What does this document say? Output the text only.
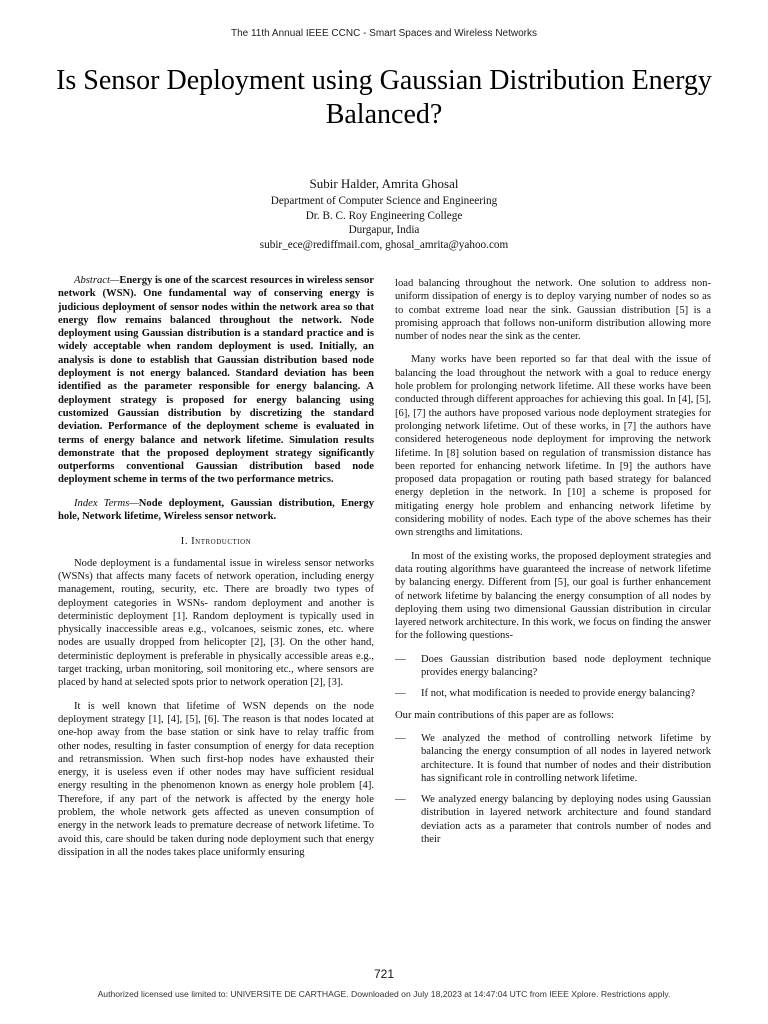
The 11th Annual IEEE CCNC - Smart Spaces and Wireless Networks
Is Sensor Deployment using Gaussian Distribution Energy Balanced?
Subir Halder, Amrita Ghosal
Department of Computer Science and Engineering
Dr. B. C. Roy Engineering College
Durgapur, India
subir_ece@rediffmail.com, ghosal_amrita@yahoo.com

Abstract—Energy is one of the scarcest resources in wireless sensor network (WSN). One fundamental way of conserving energy is judicious deployment of sensor nodes within the network area so that energy flow remains balanced throughout the network. Node deployment using Gaussian distribution is a standard practice and is widely acceptable when random deployment is used. Initially, an analysis is done to establish that Gaussian distribution based node deployment is not energy balanced. Standard deviation has been identified as the parameter responsible for energy balancing. A deployment strategy is proposed for energy balancing using customized Gaussian distribution by discretizing the standard deviation. Performance of the deployment scheme is evaluated in terms of energy balance and network lifetime. Simulation results demonstrate that the proposed deployment strategy significantly outperforms conventional Gaussian distribution based node deployment scheme in terms of the two performance metrics.

Index Terms—Node deployment, Gaussian distribution, Energy hole, Network lifetime, Wireless sensor network.

I. Introduction

Node deployment is a fundamental issue in wireless sensor networks (WSNs) that affects many facets of network operation, including energy management, routing, security, etc. There are broadly two types of deployment categories in WSNs- random deployment and another is deterministic deployment [1]. Random deployment is typically used in physically inaccessible areas e.g., volcanoes, seismic zones, etc. where nodes are usually dropped from helicopter [2], [3]. On the other hand, deterministic deployment is preferable in physically accessible areas e.g., target tracking, urban monitoring, soil monitoring etc., where sensors are placed by hand at selected spots prior to network operation [2], [3].

It is well known that lifetime of WSN depends on the node deployment strategy [1], [4], [5], [6]. The reason is that nodes located at one-hop away from the base station or sink have to relay traffic from other nodes, resulting in faster consumption of energy for data reception and retransmission. When such first-hop nodes have exhausted their energy, it is useless even if other nodes may have sufficient residual energy resulting in the phenomenon known as energy hole problem [4]. Therefore, if any part of the network is affected by the energy hole problem, the whole network gets affected as uneven consumption of energy in the network leads to premature decrease of network lifetime. To avoid this, care should be taken during node deployment such that energy dissipation in all the nodes takes place uniformly ensuring

load balancing throughout the network. One solution to address non-uniform dissipation of energy is to deploy varying number of nodes so as to combat extreme load near the sink. Gaussian distribution [5] is a promising approach that follows non-uniform distribution allowing more number of nodes near the sink as the center.

Many works have been reported so far that deal with the issue of balancing the load throughout the network with a goal to reduce energy hole problem for prolonging network lifetime. All these works have been conducted through different approaches for achieving this goal. In [4], [5], [6], [7] the authors have proposed various node deployment strategies for prolonging network lifetime. Out of these works, in [7] the authors have considered heterogeneous node deployment for improving the network lifetime. In [8] solution based on regulation of transmission distance has been reported for enhancing network lifetime. In [9] the authors have proposed data propagation or routing path based strategy for balanced energy depletion in the network. In [10] a scheme is proposed for mitigating energy hole problem and enhancing network lifetime by considering mobility of nodes. Each type of the above schemes has their own strengths and limitations.

In most of the existing works, the proposed deployment strategies and data routing algorithms have guaranteed the increase of network lifetime by balancing energy. Different from [5], our goal is further enhancement of network lifetime by balancing the energy consumption of all nodes by deploying them using two dimensional Gaussian distribution in circular layered network architecture. In this work, we focus on finding the answer for the following questions-

—	Does Gaussian distribution based node deployment technique provides energy balancing?
—	If not, what modification is needed to provide energy balancing?

Our main contributions of this paper are as follows:

—	We analyzed the method of controlling network lifetime by balancing the energy consumption of all nodes in layered network architecture. It is found that number of nodes and their distribution has significant role in controlling network lifetime.
—	We analyzed energy balancing by deploying nodes using Gaussian distribution in layered network architecture and found standard deviation acts as a parameter that controls number of nodes and their
721
Authorized licensed use limited to: UNIVERSITE DE CARTHAGE. Downloaded on July 18,2023 at 14:47:04 UTC from IEEE Xplore. Restrictions apply.
